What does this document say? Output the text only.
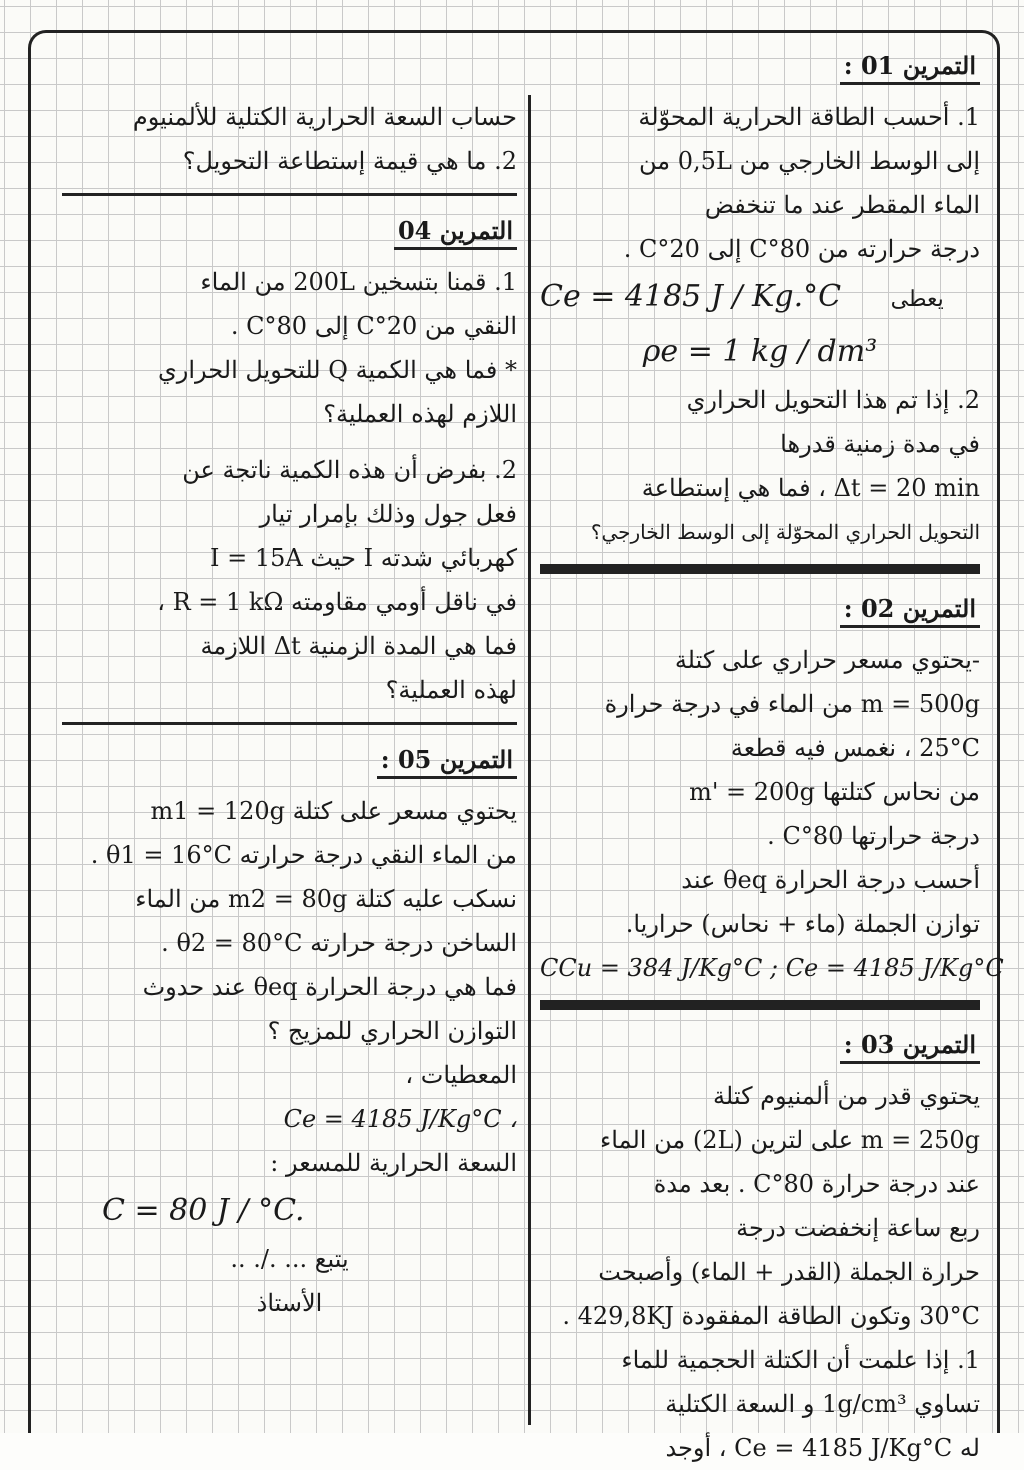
التمرين 01 :

1. أحسب الطاقة الحرارية المحوّلة

إلى الوسط الخارجي من 0,5L من

الماء المقطر عند ما تنخفض

درجة حرارته من 80°C إلى 20°C .

Ce = 4185 J / Kg.°C يعطى

ρe = 1 kg / dm³

2. إذا تم هذا التحويل الحراري

في مدة زمنية قدرها

Δt = 20 min ، فما هي إستطاعة

التحويل الحراري المحوّلة إلى الوسط الخارجي؟

التمرين 02 :

-يحتوي مسعر حراري على كتلة

m = 500g من الماء في درجة حرارة

25°C ، نغمس فيه قطعة

من نحاس كتلتها m' = 200g

درجة حرارتها 80°C .

أحسب درجة الحرارة θeq عند

توازن الجملة (ماء + نحاس) حراريا.

CCu = 384 J/Kg°C ; Ce = 4185 J/Kg°C

التمرين 03 :

يحتوي قدر من ألمنيوم كتلة

m = 250g على لترين (2L) من الماء

عند درجة حرارة 80°C . بعد مدة

ربع ساعة إنخفضت درجة

حرارة الجملة (القدر + الماء) وأصبحت

30°C وتكون الطاقة المفقودة 429,8KJ .

1. إذا علمت أن الكتلة الحجمية للماء

تساوي 1g/cm³ و السعة الكتلية

له Ce = 4185 J/Kg°C ، أوجد

حساب السعة الحرارية الكتلية للألمنيوم

2. ما هي قيمة إستطاعة التحويل؟

التمرين 04

1. قمنا بتسخين 200L من الماء

النقي من 20°C إلى 80°C .

* فما هي الكمية Q للتحويل الحراري

اللازم لهذه العملية؟

2. بفرض أن هذه الكمية ناتجة عن

فعل جول وذلك بإمرار تيار

كهربائي شدته I حيث I = 15A

في ناقل أومي مقاومته R = 1 kΩ ،

فما هي المدة الزمنية Δt اللازمة

لهذه العملية؟

التمرين 05 :

يحتوي مسعر على كتلة m1 = 120g

من الماء النقي درجة حرارته θ1 = 16°C .

نسكب عليه كتلة m2 = 80g من الماء

الساخن درجة حرارته θ2 = 80°C .

فما هي درجة الحرارة θeq عند حدوث

التوازن الحراري للمزيج ؟

المعطيات ،

Ce = 4185 J/Kg°C ،

السعة الحرارية للمسعر :

C = 80 J / °C.

يتبع ... ./. ..

الأستاذ
